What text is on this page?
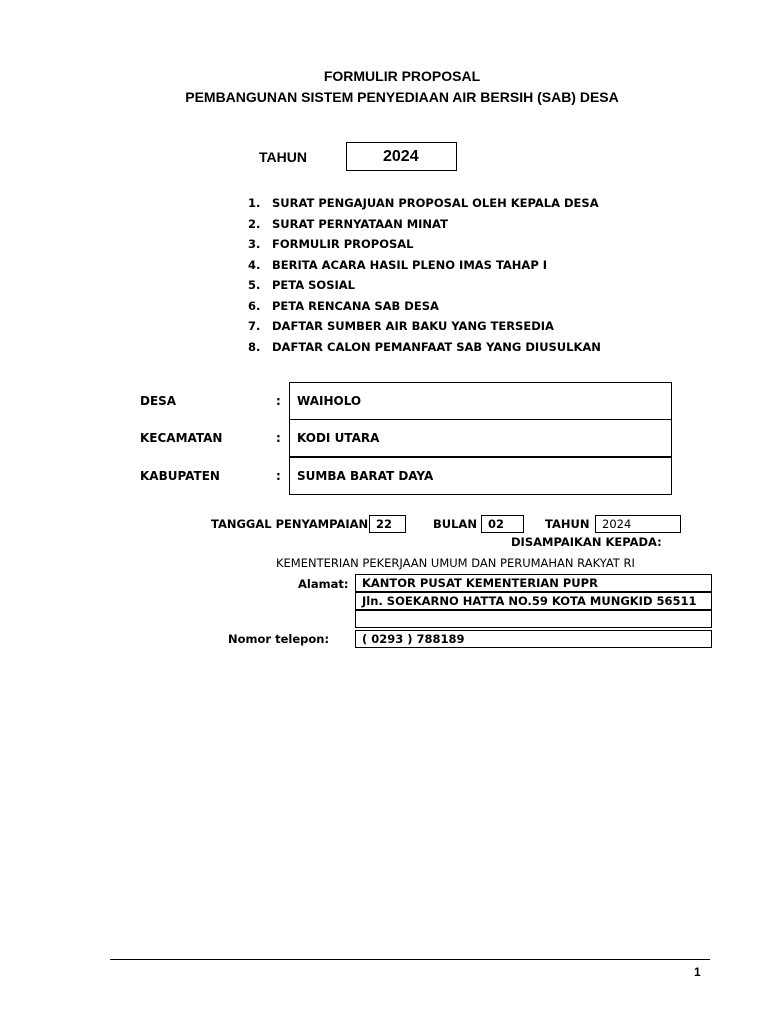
FORMULIR PROPOSAL
PEMBANGUNAN SISTEM PENYEDIAAN AIR BERSIH (SAB) DESA
TAHUN	2024
1. SURAT PENGAJUAN PROPOSAL OLEH KEPALA DESA
2. SURAT PERNYATAAN MINAT
3. FORMULIR PROPOSAL
4. BERITA ACARA HASIL PLENO IMAS TAHAP I
5. PETA SOSIAL
6. PETA RENCANA SAB DESA
7. DAFTAR SUMBER AIR BAKU YANG TERSEDIA
8. DAFTAR CALON PEMANFAAT SAB YANG DIUSULKAN
DESA	:	WAIHOLO
KECAMATAN	:	KODI UTARA
KABUPATEN	:	SUMBA BARAT DAYA
TANGGAL PENYAMPAIAN 22	BULAN 02	TAHUN	2024
DISAMPAIKAN KEPADA:
KEMENTERIAN PEKERJAAN UMUM DAN PERUMAHAN RAKYAT RI
Alamat:	KANTOR PUSAT KEMENTERIAN PUPR
Jln. SOEKARNO HATTA NO.59 KOTA MUNGKID 56511
Nomor telepon:	( 0293 ) 788189
1
